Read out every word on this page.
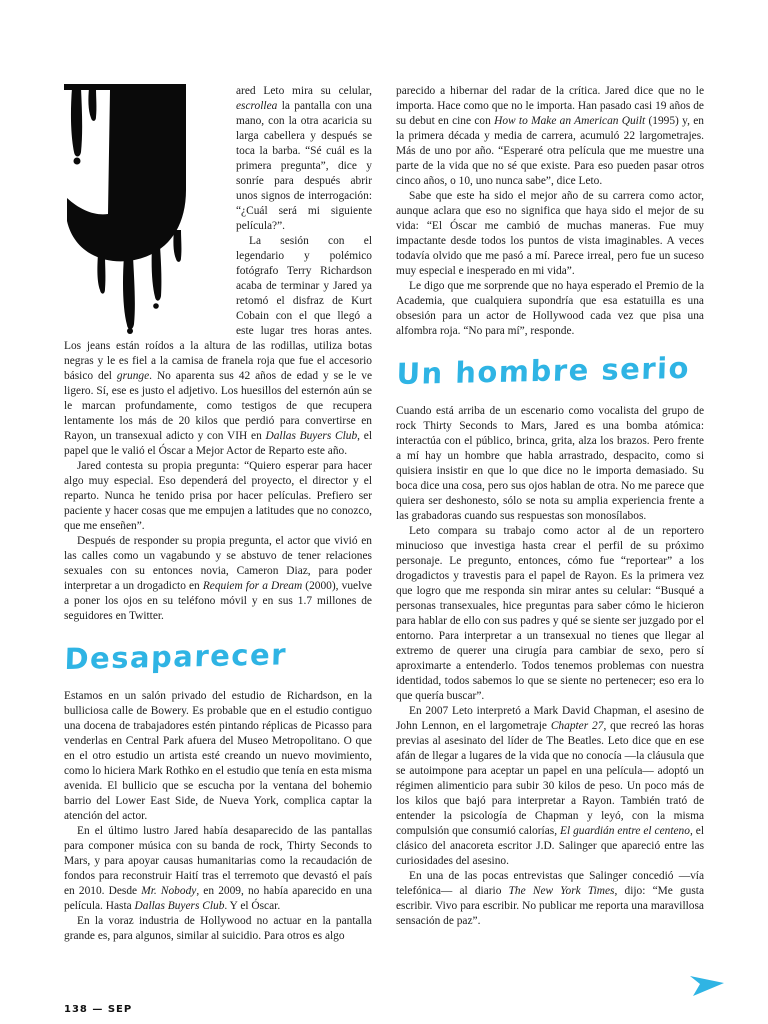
ared Leto mira su celular, escrollea la pantalla con una mano, con la otra acaricia su larga cabellera y después se toca la barba. “Sé cuál es la primera pregunta”, dice y sonríe para después abrir unos signos de interrogación: “¿Cuál será mi siguiente película?”.

La sesión con el legendario y polémico fotógrafo Terry Richardson acaba de terminar y Jared ya retomó el disfraz de Kurt Cobain con el que llegó a este lugar tres horas antes. Los jeans están roídos a la altura de las rodillas, utiliza botas negras y le es fiel a la camisa de franela roja que fue el accesorio básico del grunge. No aparenta sus 42 años de edad y se le ve ligero. Sí, ese es justo el adjetivo. Los huesillos del esternón aún se le marcan profundamente, como testigos de que recupera lentamente los más de 20 kilos que perdió para convertirse en Rayon, un transexual adicto y con VIH en Dallas Buyers Club, el papel que le valió el Óscar a Mejor Actor de Reparto este año.

Jared contesta su propia pregunta: “Quiero esperar para hacer algo muy especial. Eso dependerá del proyecto, el director y el reparto. Nunca he tenido prisa por hacer películas. Prefiero ser paciente y hacer cosas que me empujen a latitudes que no conozco, que me enseñen”.

Después de responder su propia pregunta, el actor que vivió en las calles como un vagabundo y se abstuvo de tener relaciones sexuales con su entonces novia, Cameron Diaz, para poder interpretar a un drogadicto en Requiem for a Dream (2000), vuelve a poner los ojos en su teléfono móvil y en sus 1.7 millones de seguidores en Twitter.

Desaparecer

Estamos en un salón privado del estudio de Richardson, en la bulliciosa calle de Bowery. Es probable que en el estudio contiguo una docena de trabajadores estén pintando réplicas de Picasso para venderlas en Central Park afuera del Museo Metropolitano. O que en el otro estudio un artista esté creando un nuevo movimiento, como lo hiciera Mark Rothko en el estudio que tenía en esta misma avenida. El bullicio que se escucha por la ventana del bohemio barrio del Lower East Side, de Nueva York, complica captar la atención del actor.

En el último lustro Jared había desaparecido de las pantallas para componer música con su banda de rock, Thirty Seconds to Mars, y para apoyar causas humanitarias como la recaudación de fondos para reconstruir Haití tras el terremoto que devastó el país en 2010. Desde Mr. Nobody, en 2009, no había aparecido en una película. Hasta Dallas Buyers Club. Y el Óscar.

En la voraz industria de Hollywood no actuar en la pantalla grande es, para algunos, similar al suicidio. Para otros es algo

parecido a hibernar del radar de la crítica. Jared dice que no le importa. Hace como que no le importa. Han pasado casi 19 años de su debut en cine con How to Make an American Quilt (1995) y, en la primera década y media de carrera, acumuló 22 largometrajes. Más de uno por año. “Esperaré otra película que me muestre una parte de la vida que no sé que existe. Para eso pueden pasar otros cinco años, o 10, uno nunca sabe”, dice Leto.

Sabe que este ha sido el mejor año de su carrera como actor, aunque aclara que eso no significa que haya sido el mejor de su vida: “El Óscar me cambió de muchas maneras. Fue muy impactante desde todos los puntos de vista imaginables. A veces todavía olvido que me pasó a mí. Parece irreal, pero fue un suceso muy especial e inesperado en mi vida”.

Le digo que me sorprende que no haya esperado el Premio de la Academia, que cualquiera supondría que esa estatuilla es una obsesión para un actor de Hollywood cada vez que pisa una alfombra roja. “No para mí”, responde.

Un hombre serio

Cuando está arriba de un escenario como vocalista del grupo de rock Thirty Seconds to Mars, Jared es una bomba atómica: interactúa con el público, brinca, grita, alza los brazos. Pero frente a mí hay un hombre que habla arrastrado, despacito, como si quisiera insistir en que lo que dice no le importa demasiado. Su boca dice una cosa, pero sus ojos hablan de otra. No me parece que quiera ser deshonesto, sólo se nota su amplia experiencia frente a las grabadoras cuando sus respuestas son monosílabos.

Leto compara su trabajo como actor al de un reportero minucioso que investiga hasta crear el perfil de su próximo personaje. Le pregunto, entonces, cómo fue “reportear” a los drogadictos y travestis para el papel de Rayon. Es la primera vez que logro que me responda sin mirar antes su celular: “Busqué a personas transexuales, hice preguntas para saber cómo le hicieron para hablar de ello con sus padres y qué se siente ser juzgado por el entorno. Para interpretar a un transexual no tienes que llegar al extremo de querer una cirugía para cambiar de sexo, pero sí aproximarte a entenderlo. Todos tenemos problemas con nuestra identidad, todos sabemos lo que se siente no pertenecer; eso era lo que quería buscar”.

En 2007 Leto interpretó a Mark David Chapman, el asesino de John Lennon, en el largometraje Chapter 27, que recreó las horas previas al asesinato del líder de The Beatles. Leto dice que en ese afán de llegar a lugares de la vida que no conocía —la cláusula que se autoimpone para aceptar un papel en una película— adoptó un régimen alimenticio para subir 30 kilos de peso. Un poco más de los kilos que bajó para interpretar a Rayon. También trató de entender la psicología de Chapman y leyó, con la misma compulsión que consumió calorías, El guardián entre el centeno, el clásico del anacoreta escritor J.D. Salinger que apareció entre las curiosidades del asesino.

En una de las pocas entrevistas que Salinger concedió —vía telefónica— al diario The New York Times, dijo: “Me gusta escribir. Vivo para escribir. No publicar me reporta una maravillosa sensación de paz”.

138 — SEP
